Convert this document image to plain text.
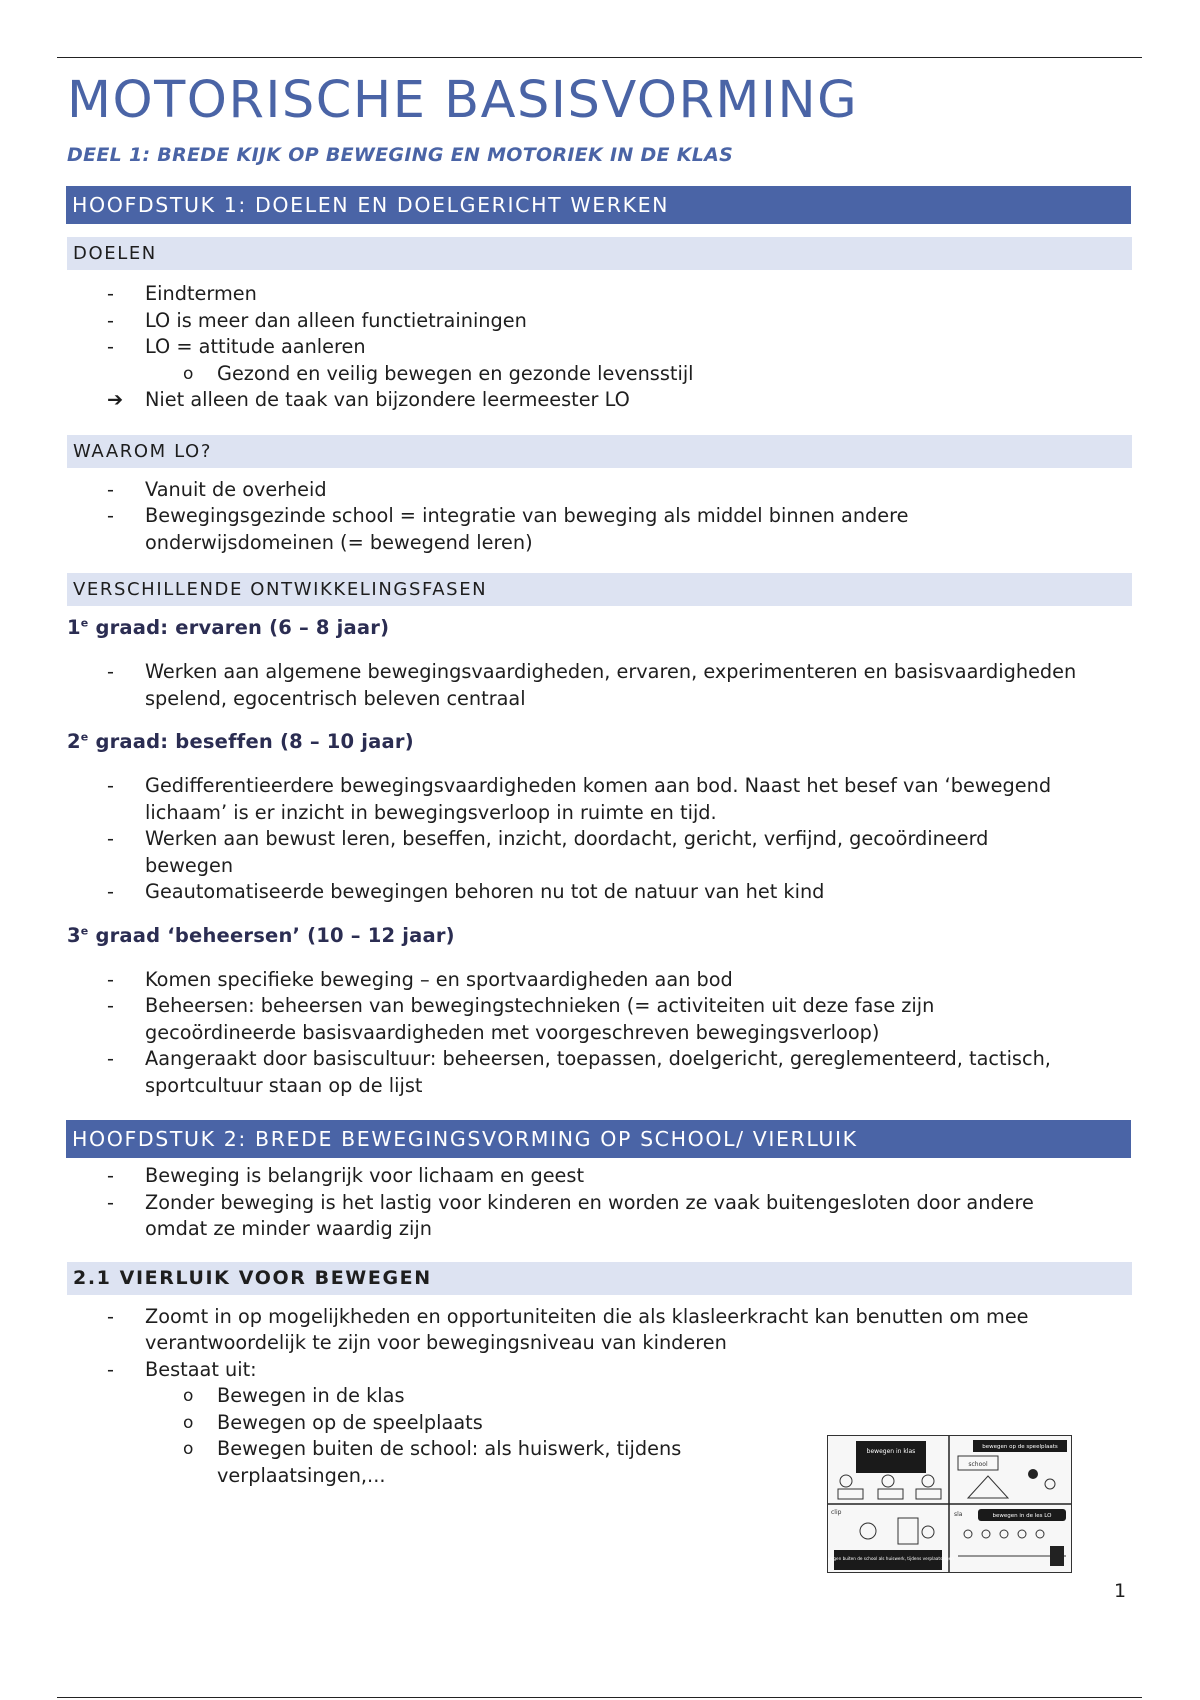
MOTORISCHE BASISVORMING
DEEL 1: BREDE KIJK OP BEWEGING EN MOTORIEK IN DE KLAS
HOOFDSTUK 1: DOELEN EN DOELGERICHT WERKEN
DOELEN
- Eindtermen
- LO is meer dan alleen functietrainingen
- LO = attitude aanleren
o Gezond en veilig bewegen en gezonde levensstijl
➔ Niet alleen de taak van bijzondere leermeester LO
WAAROM LO?
- Vanuit de overheid
- Bewegingsgezinde school = integratie van beweging als middel binnen andere
onderwijsdomeinen (= bewegend leren)
VERSCHILLENDE ONTWIKKELINGSFASEN
1e graad: ervaren (6 – 8 jaar)
- Werken aan algemene bewegingsvaardigheden, ervaren, experimenteren en basisvaardigheden
spelend, egocentrisch beleven centraal
2e graad: beseffen (8 – 10 jaar)
- Gedifferentieerdere bewegingsvaardigheden komen aan bod. Naast het besef van ‘bewegend
lichaam’ is er inzicht in bewegingsverloop in ruimte en tijd.
- Werken aan bewust leren, beseffen, inzicht, doordacht, gericht, verfijnd, gecoördineerd
bewegen
- Geautomatiseerde bewegingen behoren nu tot de natuur van het kind
3e graad ‘beheersen’ (10 – 12 jaar)
- Komen specifieke beweging – en sportvaardigheden aan bod
- Beheersen: beheersen van bewegingstechnieken (= activiteiten uit deze fase zijn
gecoördineerde basisvaardigheden met voorgeschreven bewegingsverloop)
- Aangeraakt door basiscultuur: beheersen, toepassen, doelgericht, gereglementeerd, tactisch,
sportcultuur staan op de lijst
HOOFDSTUK 2: BREDE BEWEGINGSVORMING OP SCHOOL/ VIERLUIK
- Beweging is belangrijk voor lichaam en geest
- Zonder beweging is het lastig voor kinderen en worden ze vaak buitengesloten door andere
omdat ze minder waardig zijn
2.1 VIERLUIK VOOR BEWEGEN
- Zoomt in op mogelijkheden en opportuniteiten die als klasleerkracht kan benutten om mee
verantwoordelijk te zijn voor bewegingsniveau van kinderen
- Bestaat uit:
o Bewegen in de klas
o Bewegen op de speelplaats
o Bewegen buiten de school: als huiswerk, tijdens
verplaatsingen,...
bewegen in klas
bewegen op de speelplaats
school
clip
bewegen buiten de school als huiswerk, tijdens verplaatsingen
bewegen in de les LO
sla
1
